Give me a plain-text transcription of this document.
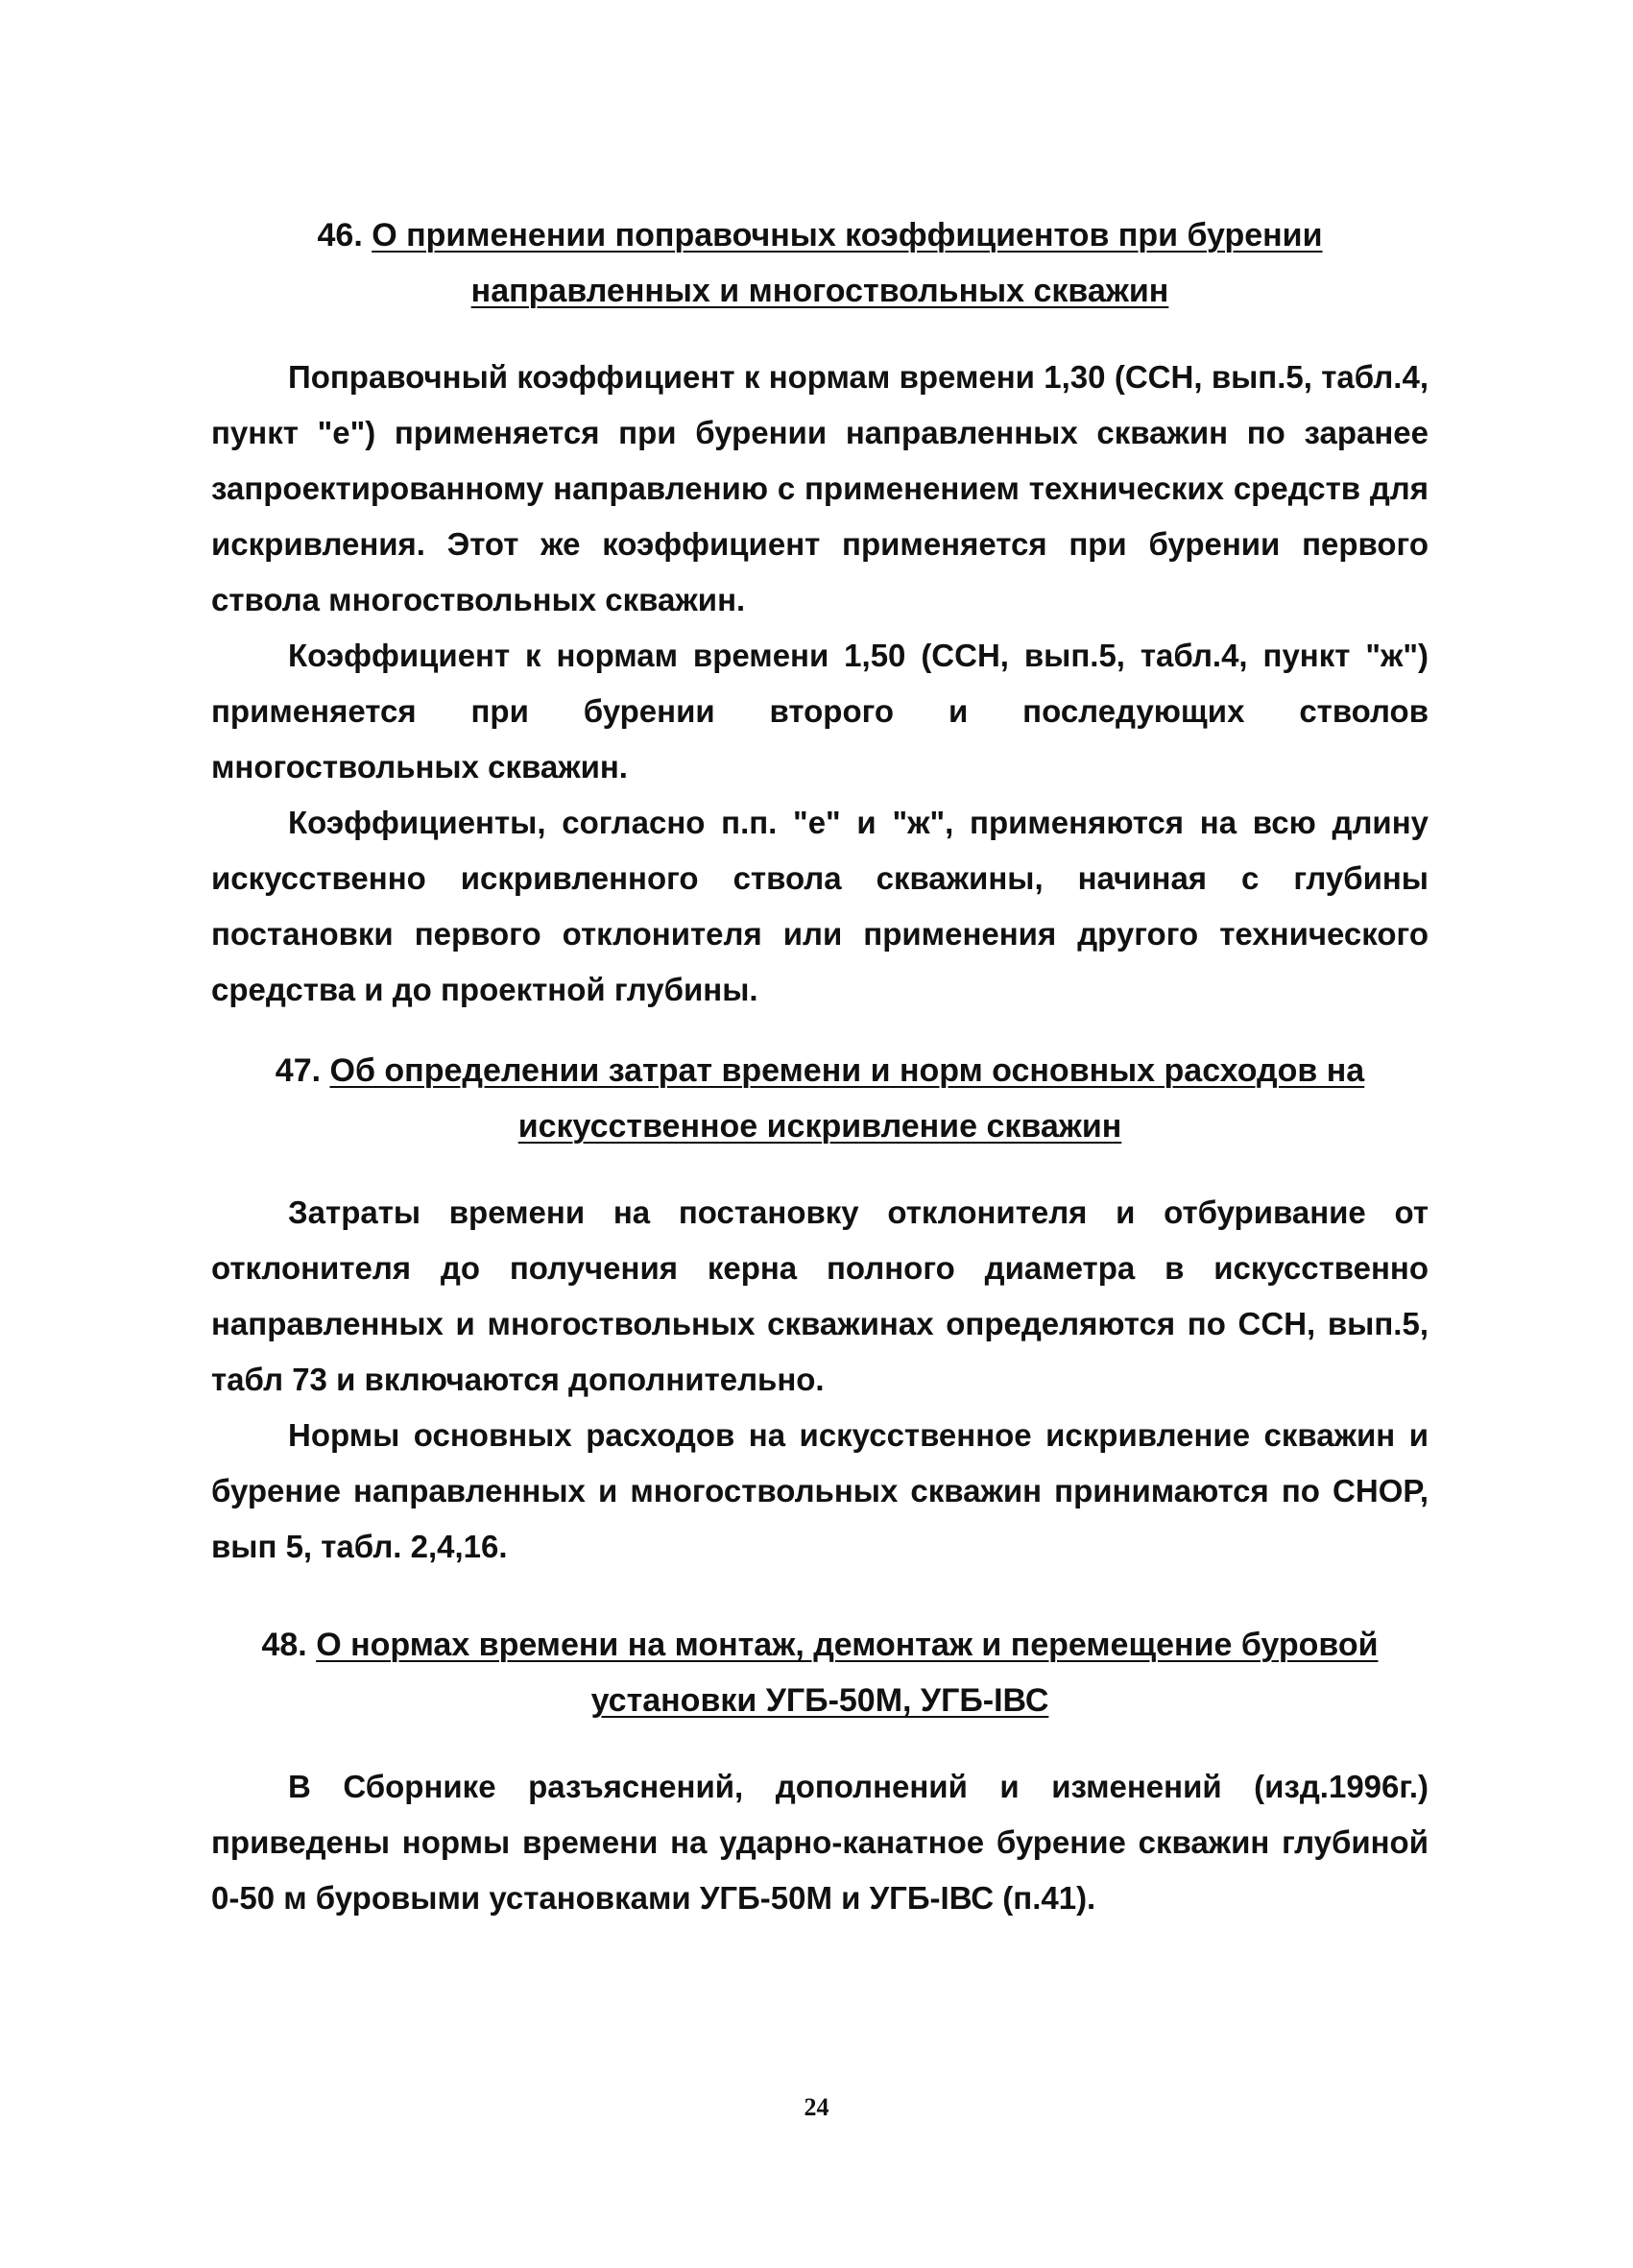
46. О применении поправочных коэффициентов при бурении

направленных и многоствольных скважин

Поправочный коэффициент к нормам времени 1,30 (ССН, вып.5, табл.4, пункт "е") применяется при бурении направленных скважин по заранее запроектированному направлению с применением технических средств для искривления. Этот же коэффициент применяется при бурении первого ствола многоствольных скважин.

Коэффициент к нормам времени 1,50 (ССН, вып.5, табл.4, пункт "ж") применяется при бурении второго и последующих стволов многоствольных скважин.

Коэффициенты, согласно п.п. "е" и "ж", применяются на всю длину искусственно искривленного ствола скважины, начиная с глубины постановки первого отклонителя или применения другого технического средства и до проектной глубины.

47. Об определении затрат времени и норм основных расходов на

искусственное искривление скважин

Затраты времени на постановку отклонителя и отбуривание от отклонителя до получения керна полного диаметра в искусственно направленных и многоствольных скважинах определяются по ССН, вып.5, табл 73 и включаются дополнительно.

Нормы основных расходов на искусственное искривление скважин и бурение направленных и многоствольных скважин принимаются по СНОР, вып 5, табл. 2,4,16.

48. О нормах времени на монтаж, демонтаж и перемещение буровой

установки УГБ-50М, УГБ-IВС

В Сборнике разъяснений, дополнений и изменений (изд.1996г.) приведены нормы времени на ударно-канатное бурение скважин глубиной 0-50 м буровыми установками УГБ-50М и УГБ-IВС (п.41).

24
